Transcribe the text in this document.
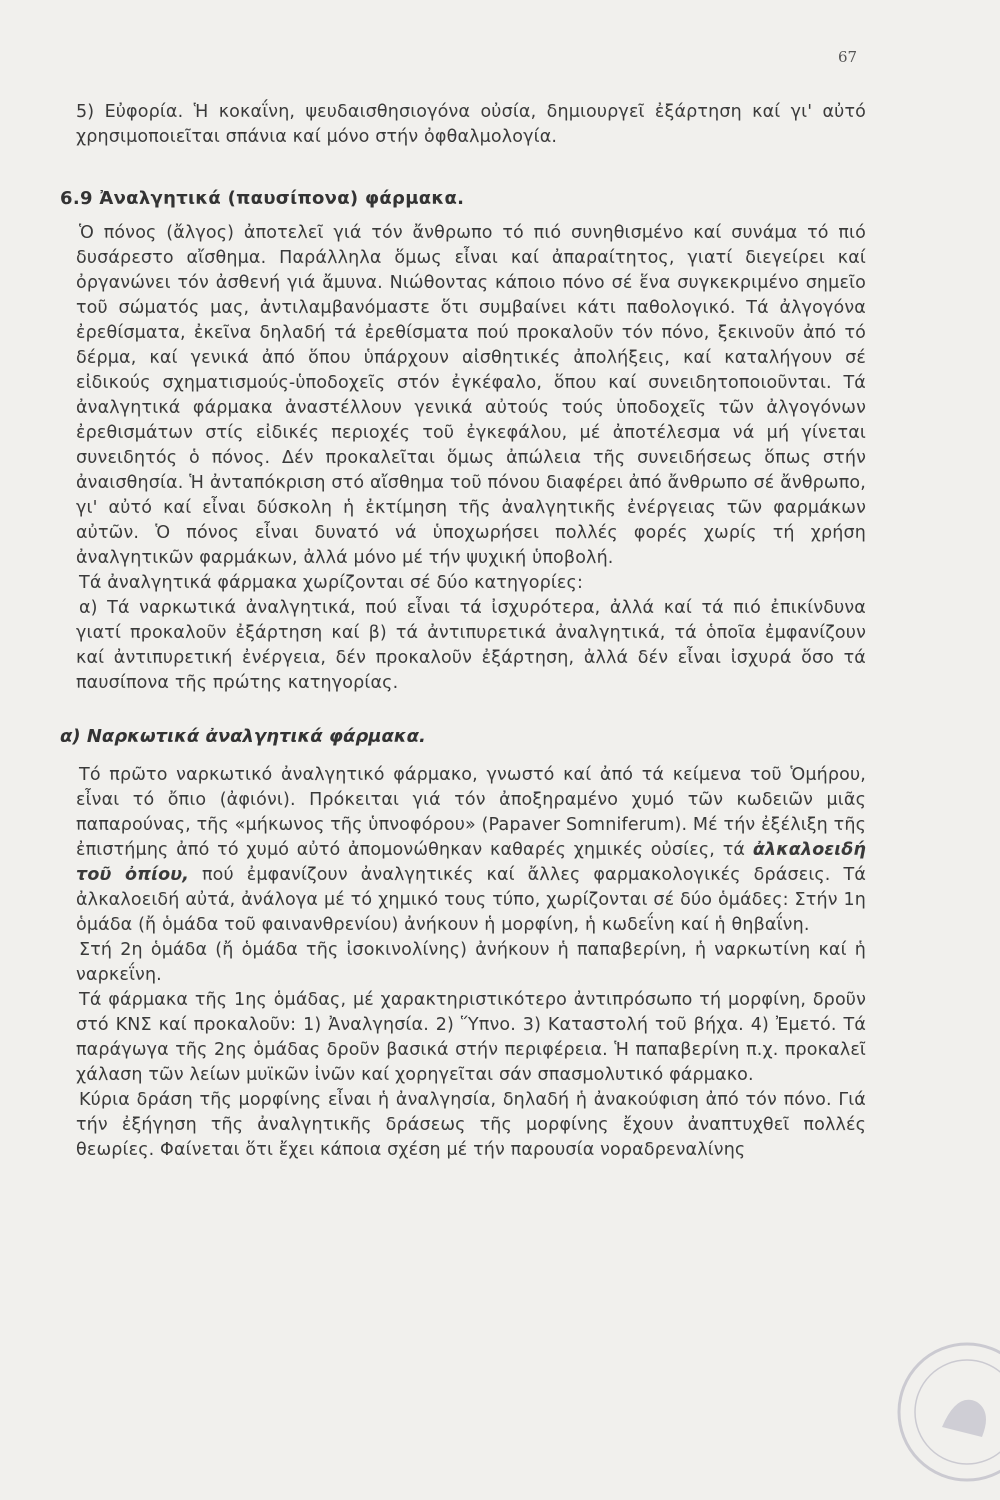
67

5) Εὐφορία. Ἡ κοκαΐνη, ψευδαισθησιογόνα οὐσία, δημιουργεῖ ἐξάρτηση καί γι' αὐτό χρησιμοποιεῖται σπάνια καί μόνο στήν ὀφθαλμολογία.

6.9 Ἀναλγητικά (παυσίπονα) φάρμακα.

Ὁ πόνος (ἄλγος) ἀποτελεῖ γιά τόν ἄνθρωπο τό πιό συνηθισμένο καί συνάμα τό πιό δυσάρεστο αἴσθημα. Παράλληλα ὅμως εἶναι καί ἀπαραίτητος, γιατί διεγείρει καί ὀργανώνει τόν ἀσθενή γιά ἄμυνα. Νιώθοντας κάποιο πόνο σέ ἕνα συγκεκριμένο σημεῖο τοῦ σώματός μας, ἀντιλαμβανόμαστε ὅτι συμβαίνει κάτι παθολογικό. Τά ἀλγογόνα ἐρεθίσματα, ἐκεῖνα δηλαδή τά ἐρεθίσματα πού προκαλοῦν τόν πόνο, ξεκινοῦν ἀπό τό δέρμα, καί γενικά ἀπό ὅπου ὑπάρχουν αἰσθητικές ἀπολήξεις, καί καταλήγουν σέ εἰδικούς σχηματισμούς-ὑποδοχεῖς στόν ἐγκέφαλο, ὅπου καί συνειδητοποιοῦνται. Τά ἀναλγητικά φάρμακα ἀναστέλλουν γενικά αὐτούς τούς ὑποδοχεῖς τῶν ἀλγογόνων ἐρεθισμάτων στίς εἰδικές περιοχές τοῦ ἐγκεφάλου, μέ ἀποτέλεσμα νά μή γίνεται συνειδητός ὁ πόνος. Δέν προκαλεῖται ὅμως ἀπώλεια τῆς συνειδήσεως ὅπως στήν ἀναισθησία. Ἡ ἀνταπόκριση στό αἴσθημα τοῦ πόνου διαφέρει ἀπό ἄνθρωπο σέ ἄνθρωπο, γι' αὐτό καί εἶναι δύσκολη ἡ ἐκτίμηση τῆς ἀναλγητικῆς ἐνέργειας τῶν φαρμάκων αὐτῶν. Ὁ πόνος εἶναι δυνατό νά ὑποχωρήσει πολλές φορές χωρίς τή χρήση ἀναλγητικῶν φαρμάκων, ἀλλά μόνο μέ τήν ψυχική ὑποβολή.

Τά ἀναλγητικά φάρμακα χωρίζονται σέ δύο κατηγορίες:

α) Τά ναρκωτικά ἀναλγητικά, πού εἶναι τά ἰσχυρότερα, ἀλλά καί τά πιό ἐπικίνδυνα γιατί προκαλοῦν ἐξάρτηση καί β) τά ἀντιπυρετικά ἀναλγητικά, τά ὁποῖα ἐμφανίζουν καί ἀντιπυρετική ἐνέργεια, δέν προκαλοῦν ἐξάρτηση, ἀλλά δέν εἶναι ἰσχυρά ὅσο τά παυσίπονα τῆς πρώτης κατηγορίας.

α) Ναρκωτικά ἀναλγητικά φάρμακα.

Τό πρῶτο ναρκωτικό ἀναλγητικό φάρμακο, γνωστό καί ἀπό τά κείμενα τοῦ Ὁμήρου, εἶναι τό ὄπιο (ἀφιόνι). Πρόκειται γιά τόν ἀποξηραμένο χυμό τῶν κωδειῶν μιᾶς παπαρούνας, τῆς «μήκωνος τῆς ὑπνοφόρου» (Papaver Somniferum). Μέ τήν ἐξέλιξη τῆς ἐπιστήμης ἀπό τό χυμό αὐτό ἀπομονώθηκαν καθαρές χημικές οὐσίες, τά ἀλκαλοειδή τοῦ ὀπίου, πού ἐμφανίζουν ἀναλγητικές καί ἄλλες φαρμακολογικές δράσεις. Τά ἀλκαλοειδή αὐτά, ἀνάλογα μέ τό χημικό τους τύπο, χωρίζονται σέ δύο ὁμάδες: Στήν 1η ὁμάδα (ἤ ὁμάδα τοῦ φαινανθρενίου) ἀνήκουν ἡ μορφίνη, ἡ κωδεΐνη καί ἡ θηβαΐνη.

Στή 2η ὁμάδα (ἤ ὁμάδα τῆς ἰσοκινολίνης) ἀνήκουν ἡ παπαβερίνη, ἡ ναρκωτίνη καί ἡ ναρκεΐνη.

Τά φάρμακα τῆς 1ης ὁμάδας, μέ χαρακτηριστικότερο ἀντιπρόσωπο τή μορφίνη, δροῦν στό ΚΝΣ καί προκαλοῦν: 1) Ἀναλγησία. 2) Ὕπνο. 3) Καταστολή τοῦ βήχα. 4) Ἐμετό. Τά παράγωγα τῆς 2ης ὁμάδας δροῦν βασικά στήν περιφέρεια. Ἡ παπαβερίνη π.χ. προκαλεῖ χάλαση τῶν λείων μυϊκῶν ἰνῶν καί χορηγεῖται σάν σπασμολυτικό φάρμακο.

Κύρια δράση τῆς μορφίνης εἶναι ἡ ἀναλγησία, δηλαδή ἡ ἀνακούφιση ἀπό τόν πόνο. Γιά τήν ἐξήγηση τῆς ἀναλγητικῆς δράσεως τῆς μορφίνης ἔχουν ἀναπτυχθεῖ πολλές θεωρίες. Φαίνεται ὅτι ἔχει κάποια σχέση μέ τήν παρουσία νοραδρεναλίνης
